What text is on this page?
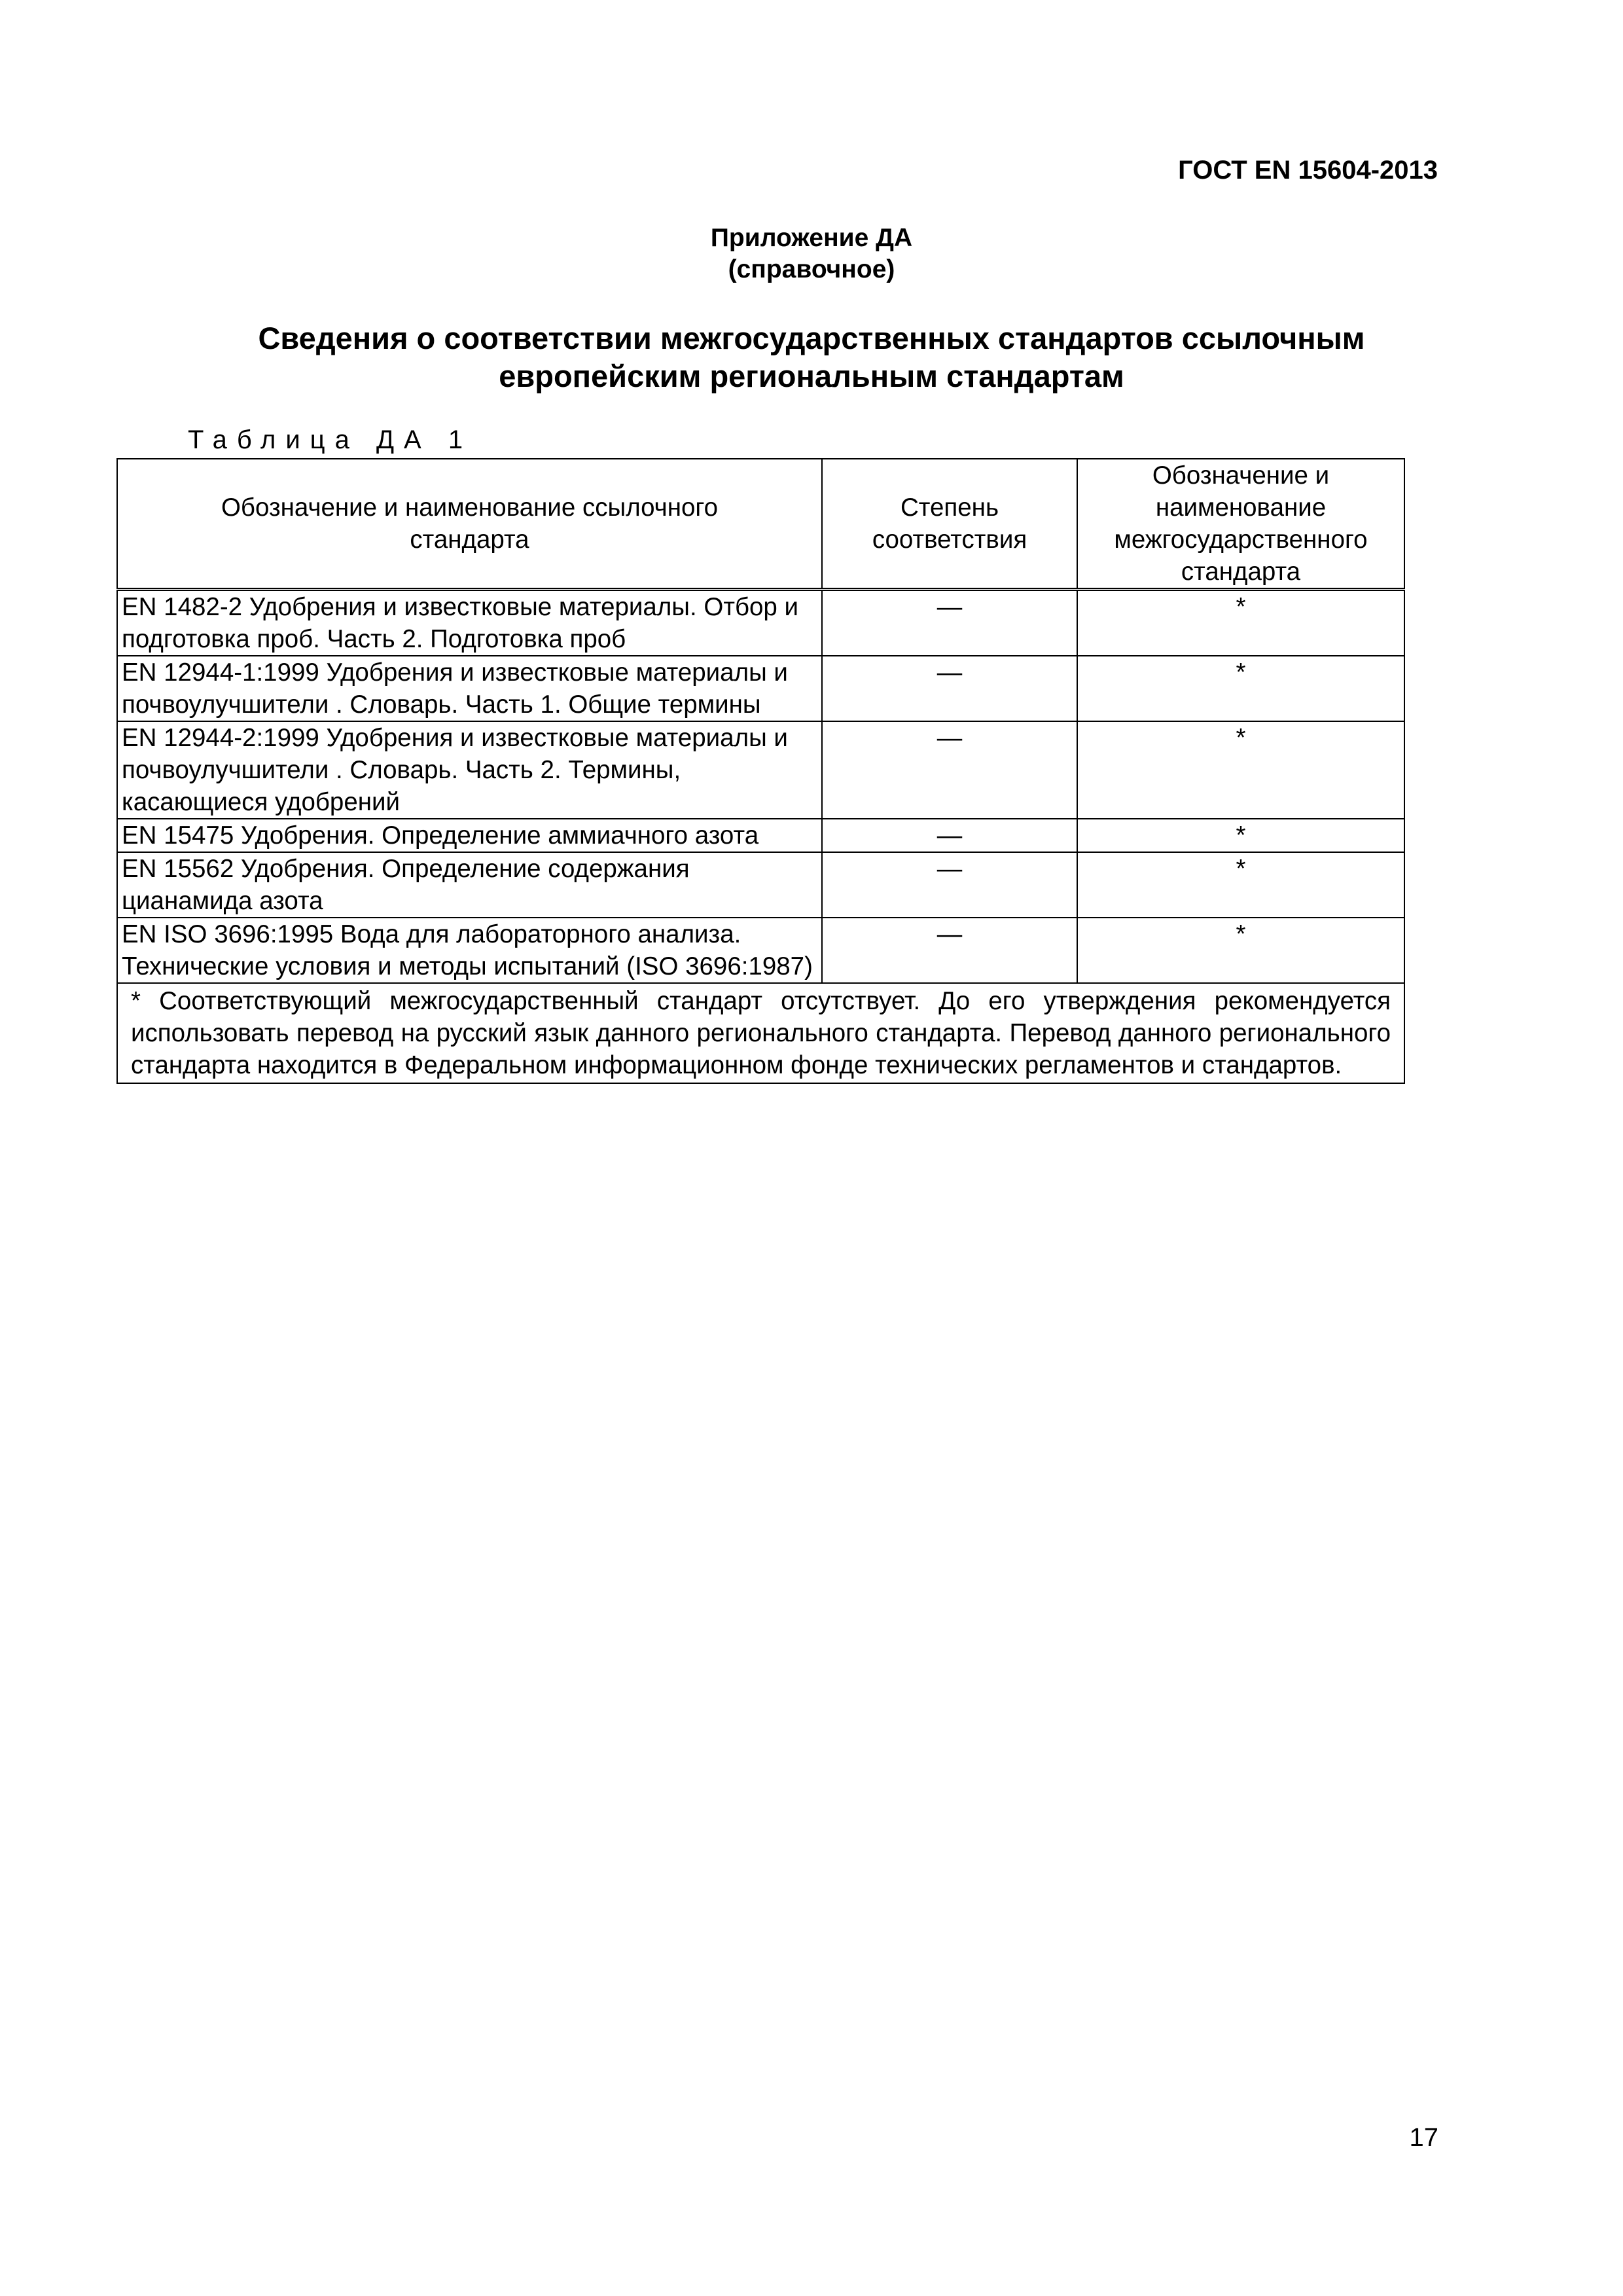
ГОСТ EN 15604-2013
Приложение ДА
(справочное)
Сведения о соответствии межгосударственных стандартов ссылочным
европейским региональным стандартам
Таблица ДА 1
Обозначение и наименование ссылочного стандарта	Степень соответствия	Обозначение и наименование межгосударственного стандарта
EN 1482-2 Удобрения и известковые материалы. Отбор и подготовка проб. Часть 2. Подготовка проб	—	*
EN 12944-1:1999 Удобрения и известковые материалы и почвоулучшители . Словарь. Часть 1. Общие термины	—	*
EN 12944-2:1999 Удобрения и известковые материалы и почвоулучшители . Словарь. Часть 2. Термины, касающиеся удобрений	—	*
EN 15475 Удобрения. Определение аммиачного азота	—	*
EN 15562 Удобрения. Определение содержания цианамида азота	—	*
EN ISO 3696:1995 Вода для лабораторного анализа. Технические условия и методы испытаний (ISO 3696:1987)	—	*
* Соответствующий межгосударственный стандарт отсутствует. До его утверждения рекомендуется использовать перевод на русский язык данного регионального стандарта. Перевод данного регионального стандарта находится в Федеральном информационном фонде технических регламентов и стандартов.		
17
